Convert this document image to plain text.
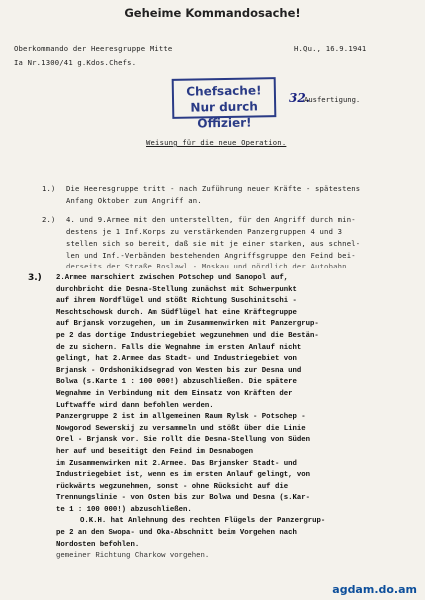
Geheime Kommandosache!
Oberkommando der Heeresgruppe Mitte
Ia Nr.1300/41 g.Kdos.Chefs.
H.Qu., 16.9.1941
Chefsache!
Nur durch Offizier!
32.
Ausfertigung.
Weisung für die neue Operation.
1.) Die Heeresgruppe tritt - nach Zuführung neuer Kräfte - spätestens
Anfang Oktober zum Angriff an.
2.) 4. und 9.Armee mit den unterstellten, für den Angriff durch min-
destens je 1 Inf.Korps zu verstärkenden Panzergruppen 4 und 3
stellen sich so bereit, daß sie mit je einer starken, aus schnel-
len und Inf.-Verbänden bestehenden Angriffsgruppe den Feind bei-
derseits der Straße Roslawl - Moskau und nördlich der Autobahn
3.)	2.Armee marschiert zwischen Potschep und Sanopol auf,
durchbricht die Desna-Stellung zunächst mit Schwerpunkt
auf ihrem Nordflügel und stößt Richtung Suschinitschi -
Meschtschowsk durch. Am Südflügel hat eine Kräftegruppe
auf Brjansk vorzugehen, um im Zusammenwirken mit Panzergrup-
pe 2 das dortige Industriegebiet wegzunehmen und die Bestän-
de zu sichern. Falls die Wegnahme im ersten Anlauf nicht
gelingt, hat 2.Armee das Stadt- und Industriegebiet von
Brjansk - Ordshonikidsegrad von Westen bis zur Desna und
Bolwa (s.Karte 1 : 100 000!) abzuschließen. Die spätere
Wegnahme in Verbindung mit dem Einsatz von Kräften der
Luftwaffe wird dann befohlen werden.
Panzergruppe 2 ist im allgemeinen Raum Rylsk - Potschep -
Nowgorod Sewerskij zu versammeln und stößt über die Linie
Orel - Brjansk vor. Sie rollt die Desna-Stellung von Süden
her auf und beseitigt den Feind im Desnabogen
im Zusammenwirken mit 2.Armee. Das Brjansker Stadt- und
Industriegebiet ist, wenn es im ersten Anlauf gelingt, von
rückwärts wegzunehmen, sonst - ohne Rücksicht auf die
Trennungslinie - von Osten bis zur Bolwa und Desna (s.Kar-
te 1 : 100 000!) abzuschließen.
O.K.H. hat Anlehnung des rechten Flügels der Panzergrup-
pe 2 an den Swopa- und Oka-Abschnitt beim Vorgehen nach
Nordosten befohlen.
gemeiner Richtung Charkow vorgehen.
agdam.do.am
